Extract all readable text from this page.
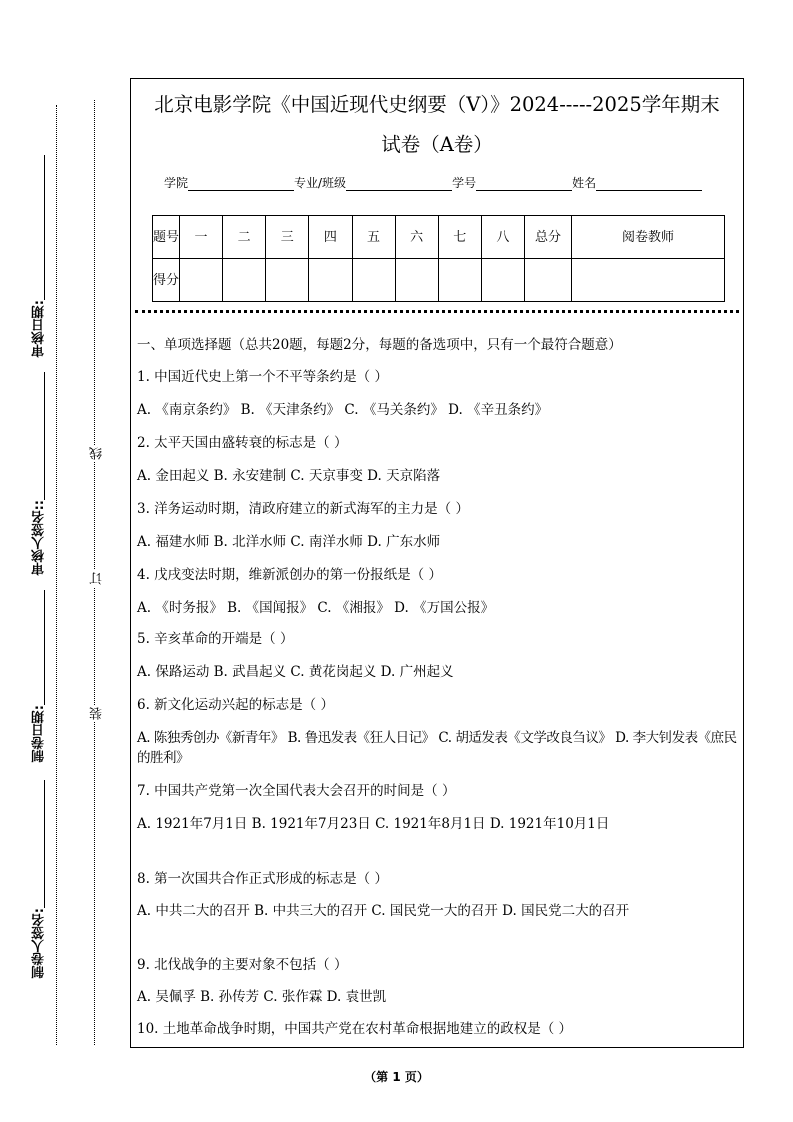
审核日期:
审核人签名::
制卷日期:
制卷人签名:
线
订
装
北京电影学院《中国近现代史纲要（V）》2024-----2025学年期末
试卷（A卷）
学院	专业/班级	学号	姓名
题号	一	二	三	四	五	六	七	八	总分	阅卷教师
得分										
一、单项选择题（总共20题，每题2分，每题的备选项中，只有一个最符合题意）
1. 中国近代史上第一个不平等条约是（ ）
A. 《南京条约》 B. 《天津条约》 C. 《马关条约》 D. 《辛丑条约》
2. 太平天国由盛转衰的标志是（ ）
A. 金田起义 B. 永安建制 C. 天京事变 D. 天京陷落
3. 洋务运动时期，清政府建立的新式海军的主力是（ ）
A. 福建水师 B. 北洋水师 C. 南洋水师 D. 广东水师
4. 戊戌变法时期，维新派创办的第一份报纸是（ ）
A. 《时务报》 B. 《国闻报》 C. 《湘报》 D. 《万国公报》
5. 辛亥革命的开端是（ ）
A. 保路运动 B. 武昌起义 C. 黄花岗起义 D. 广州起义
6. 新文化运动兴起的标志是（ ）
A. 陈独秀创办《新青年》 B. 鲁迅发表《狂人日记》 C. 胡适发表《文学改良刍议》 D. 李大钊发表《庶民的胜利》
7. 中国共产党第一次全国代表大会召开的时间是（ ）
A. 1921年7月1日 B. 1921年7月23日 C. 1921年8月1日 D. 1921年10月1日
8. 第一次国共合作正式形成的标志是（ ）
A. 中共二大的召开 B. 中共三大的召开 C. 国民党一大的召开 D. 国民党二大的召开
9. 北伐战争的主要对象不包括（ ）
A. 吴佩孚 B. 孙传芳 C. 张作霖 D. 袁世凯
10. 土地革命战争时期，中国共产党在农村革命根据地建立的政权是（ ）
（第 1 页）
